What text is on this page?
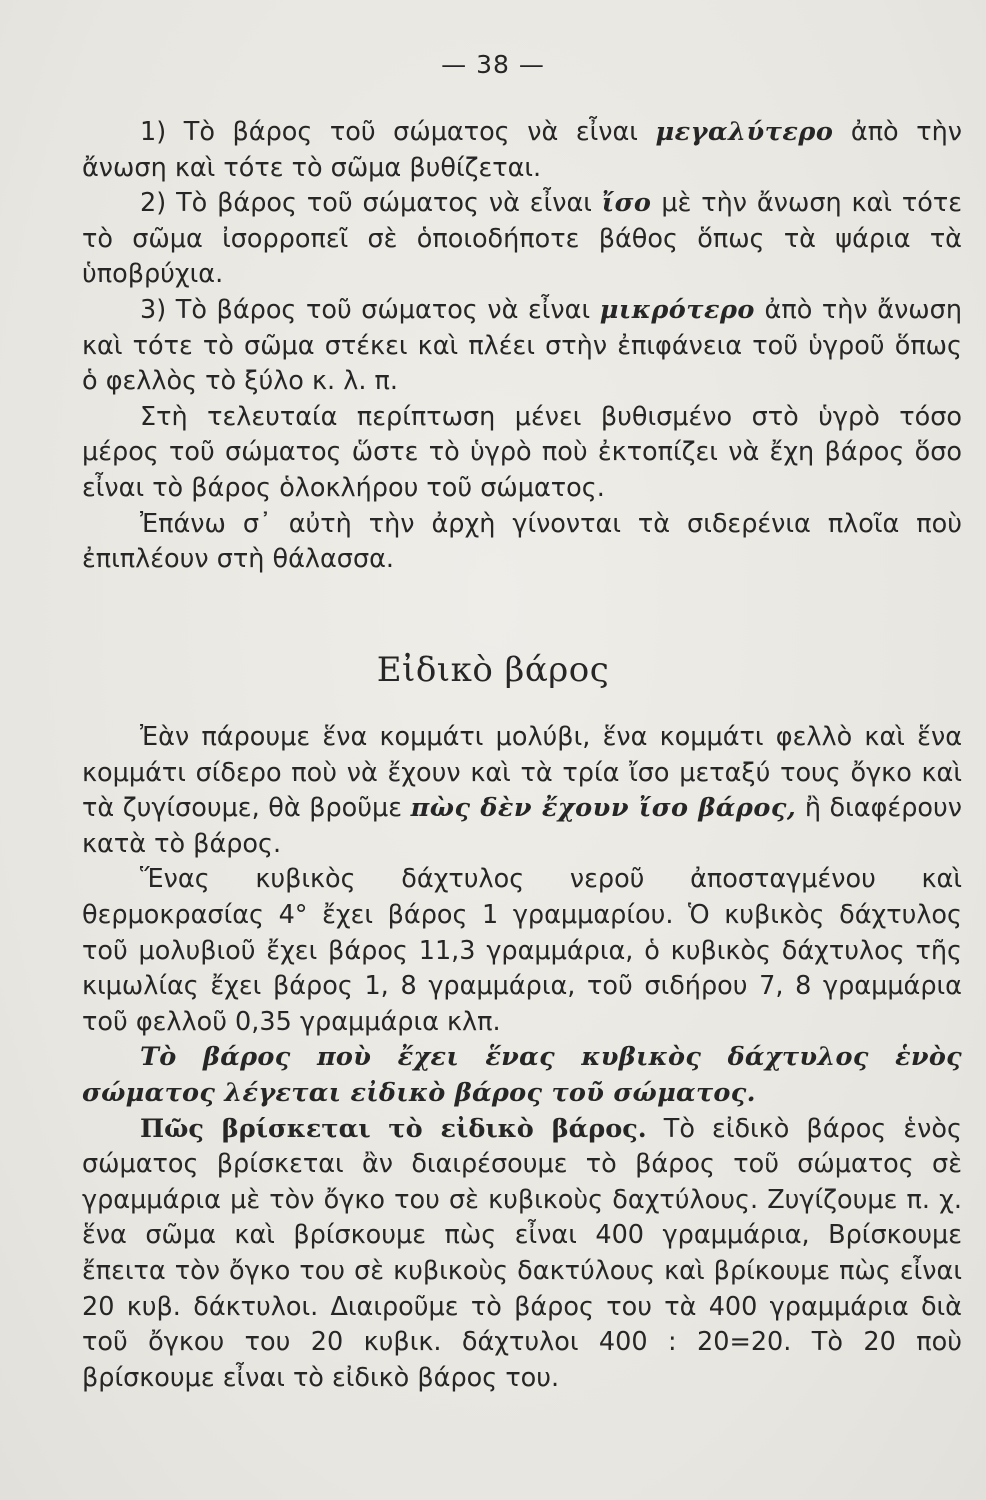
— 38 —

1) Τὸ βάρος τοῦ σώματος νὰ εἶναι μεγαλύτερο ἀπὸ τὴν ἄνωση καὶ τότε τὸ σῶμα βυθίζεται.

2) Τὸ βάρος τοῦ σώματος νὰ εἶναι ἴσο μὲ τὴν ἄνωση καὶ τότε τὸ σῶμα ἰσορροπεῖ σὲ ὁποιοδήποτε βάθος ὅπως τὰ ψάρια τὰ ὑποβρύχια.

3) Τὸ βάρος τοῦ σώματος νὰ εἶναι μικρότερο ἀπὸ τὴν ἄνωση καὶ τότε τὸ σῶμα στέκει καὶ πλέει στὴν ἐπιφάνεια τοῦ ὑγροῦ ὅπως ὁ φελλὸς τὸ ξύλο κ. λ. π.

Στὴ τελευταία περίπτωση μένει βυθισμένο στὸ ὑγρὸ τόσο μέρος τοῦ σώματος ὥστε τὸ ὑγρὸ ποὺ ἐκτοπίζει νὰ ἔχη βάρος ὅσο εἶναι τὸ βάρος ὁλοκλήρου τοῦ σώματος.

Ἐπάνω σ᾽ αὐτὴ τὴν ἀρχὴ γίνονται τὰ σιδερένια πλοῖα ποὺ ἐπιπλέουν στὴ θάλασσα.

Εἰδικὸ βάρος

Ἐὰν πάρουμε ἕνα κομμάτι μολύβι, ἕνα κομμάτι φελλὸ καὶ ἕνα κομμάτι σίδερο ποὺ νὰ ἔχουν καὶ τὰ τρία ἴσο μεταξύ τους ὄγκο καὶ τὰ ζυγίσουμε, θὰ βροῦμε πὼς δὲν ἔχουν ἴσο βάρος, ἢ διαφέρουν κατὰ τὸ βάρος.

Ἕνας κυβικὸς δάχτυλος νεροῦ ἀποσταγμένου καὶ θερμοκρασίας 4° ἔχει βάρος 1 γραμμαρίου. Ὁ κυβικὸς δάχτυλος τοῦ μολυβιοῦ ἔχει βάρος 11,3 γραμμάρια, ὁ κυβικὸς δάχτυλος τῆς κιμωλίας ἔχει βάρος 1, 8 γραμμάρια, τοῦ σιδήρου 7, 8 γραμμάρια τοῦ φελλοῦ 0,35 γραμμάρια κλπ.

Τὸ βάρος ποὺ ἔχει ἕνας κυβικὸς δάχτυλος ἑνὸς σώματος λέγεται εἰδικὸ βάρος τοῦ σώματος.

Πῶς βρίσκεται τὸ εἰδικὸ βάρος. Τὸ εἰδικὸ βάρος ἑνὸς σώματος βρίσκεται ἂν διαιρέσουμε τὸ βάρος τοῦ σώματος σὲ γραμμάρια μὲ τὸν ὄγκο του σὲ κυβικοὺς δαχτύλους. Ζυγίζουμε π. χ. ἕνα σῶμα καὶ βρίσκουμε πὼς εἶναι 400 γραμμάρια, Βρίσκουμε ἔπειτα τὸν ὄγκο του σὲ κυβικοὺς δακτύλους καὶ βρίκουμε πὼς εἶναι 20 κυβ. δάκτυλοι. Διαιροῦμε τὸ βάρος του τὰ 400 γραμμάρια διὰ τοῦ ὄγκου του 20 κυβικ. δάχτυλοι 400 : 20=20. Τὸ 20 ποὺ βρίσκουμε εἶναι τὸ εἰδικὸ βάρος του.
